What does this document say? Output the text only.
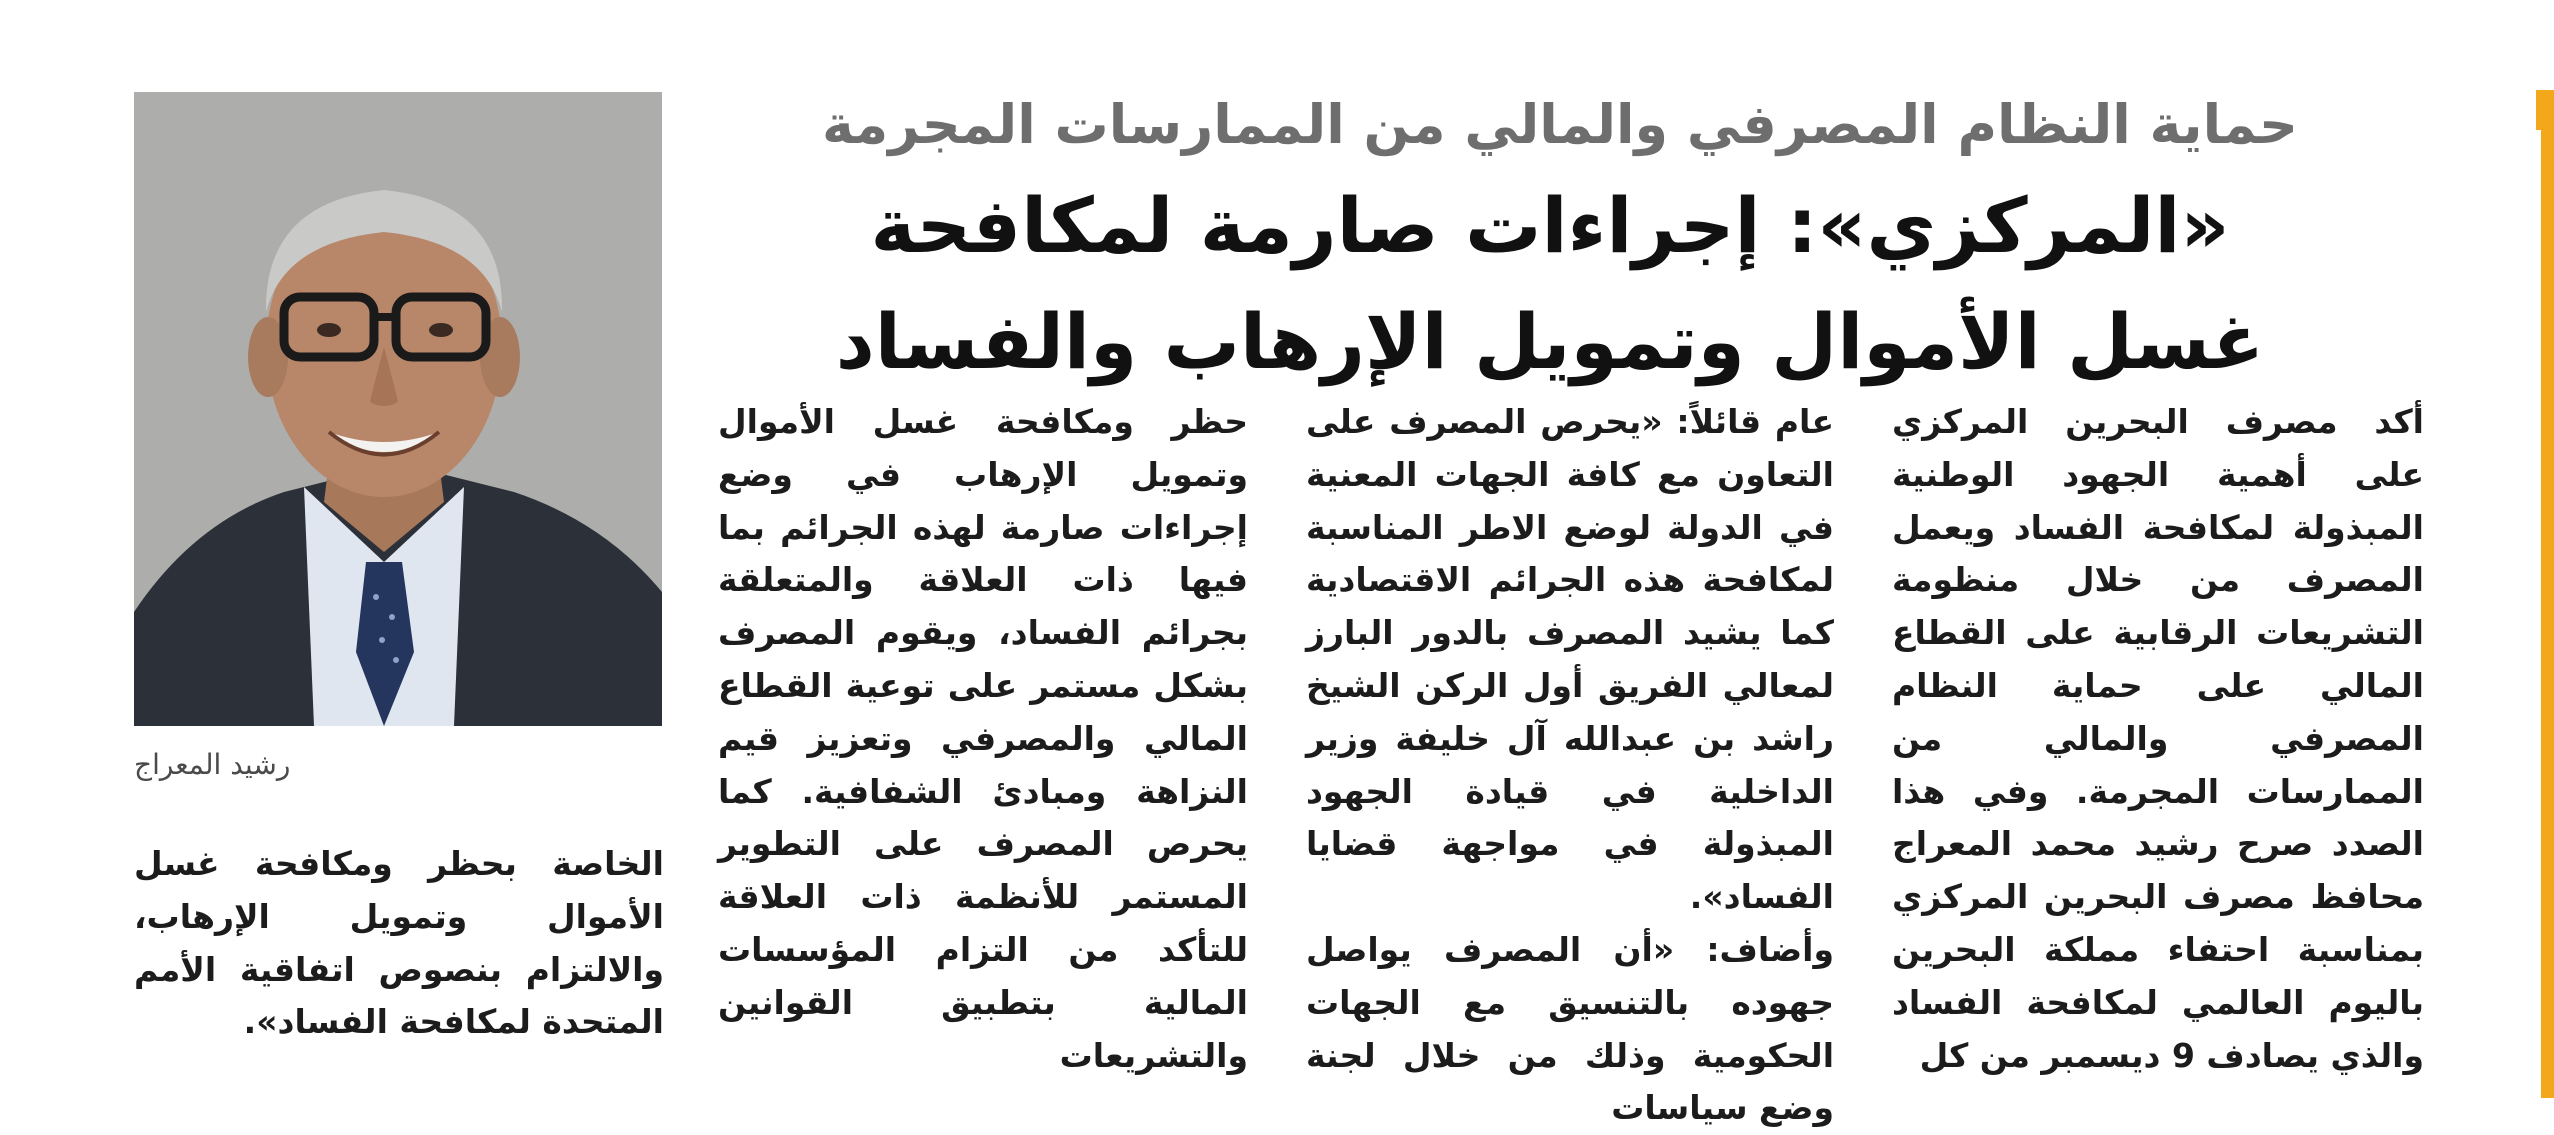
حماية النظام المصرفي والمالي من الممارسات المجرمة
«المركزي»: إجراءات صارمة لمكافحة
غسل الأموال وتمويل الإرهاب والفساد
رشيد المعراج

أكد مصرف البحرين المركزي على أهمية الجهود الوطنية المبذولة لمكافحة الفساد ويعمل المصرف من خلال منظومة التشريعات الرقابية على القطاع المالي على حماية النظام المصرفي والمالي من الممارسات المجرمة. وفي هذا الصدد صرح رشيد محمد المعراج محافظ مصرف البحرين المركزي بمناسبة احتفاء مملكة البحرين باليوم العالمي لمكافحة الفساد والذي يصادف 9 ديسمبر من كل

عام قائلاً: «يحرص المصرف على التعاون مع كافة الجهات المعنية في الدولة لوضع الاطر المناسبة لمكافحة هذه الجرائم الاقتصادية كما يشيد المصرف بالدور البارز لمعالي الفريق أول الركن الشيخ راشد بن عبدالله آل خليفة وزير الداخلية في قيادة الجهود المبذولة في مواجهة قضايا الفساد».

وأضاف: «أن المصرف يواصل جهوده بالتنسيق مع الجهات الحكومية وذلك من خلال لجنة وضع سياسات

حظر ومكافحة غسل الأموال وتمويل الإرهاب في وضع إجراءات صارمة لهذه الجرائم بما فيها ذات العلاقة والمتعلقة بجرائم الفساد، ويقوم المصرف بشكل مستمر على توعية القطاع المالي والمصرفي وتعزيز قيم النزاهة ومبادئ الشفافية. كما يحرص المصرف على التطوير المستمر للأنظمة ذات العلاقة للتأكد من التزام المؤسسات المالية بتطبيق القوانين والتشريعات

الخاصة بحظر ومكافحة غسل الأموال وتمويل الإرهاب، والالتزام بنصوص اتفاقية الأمم المتحدة لمكافحة الفساد».
